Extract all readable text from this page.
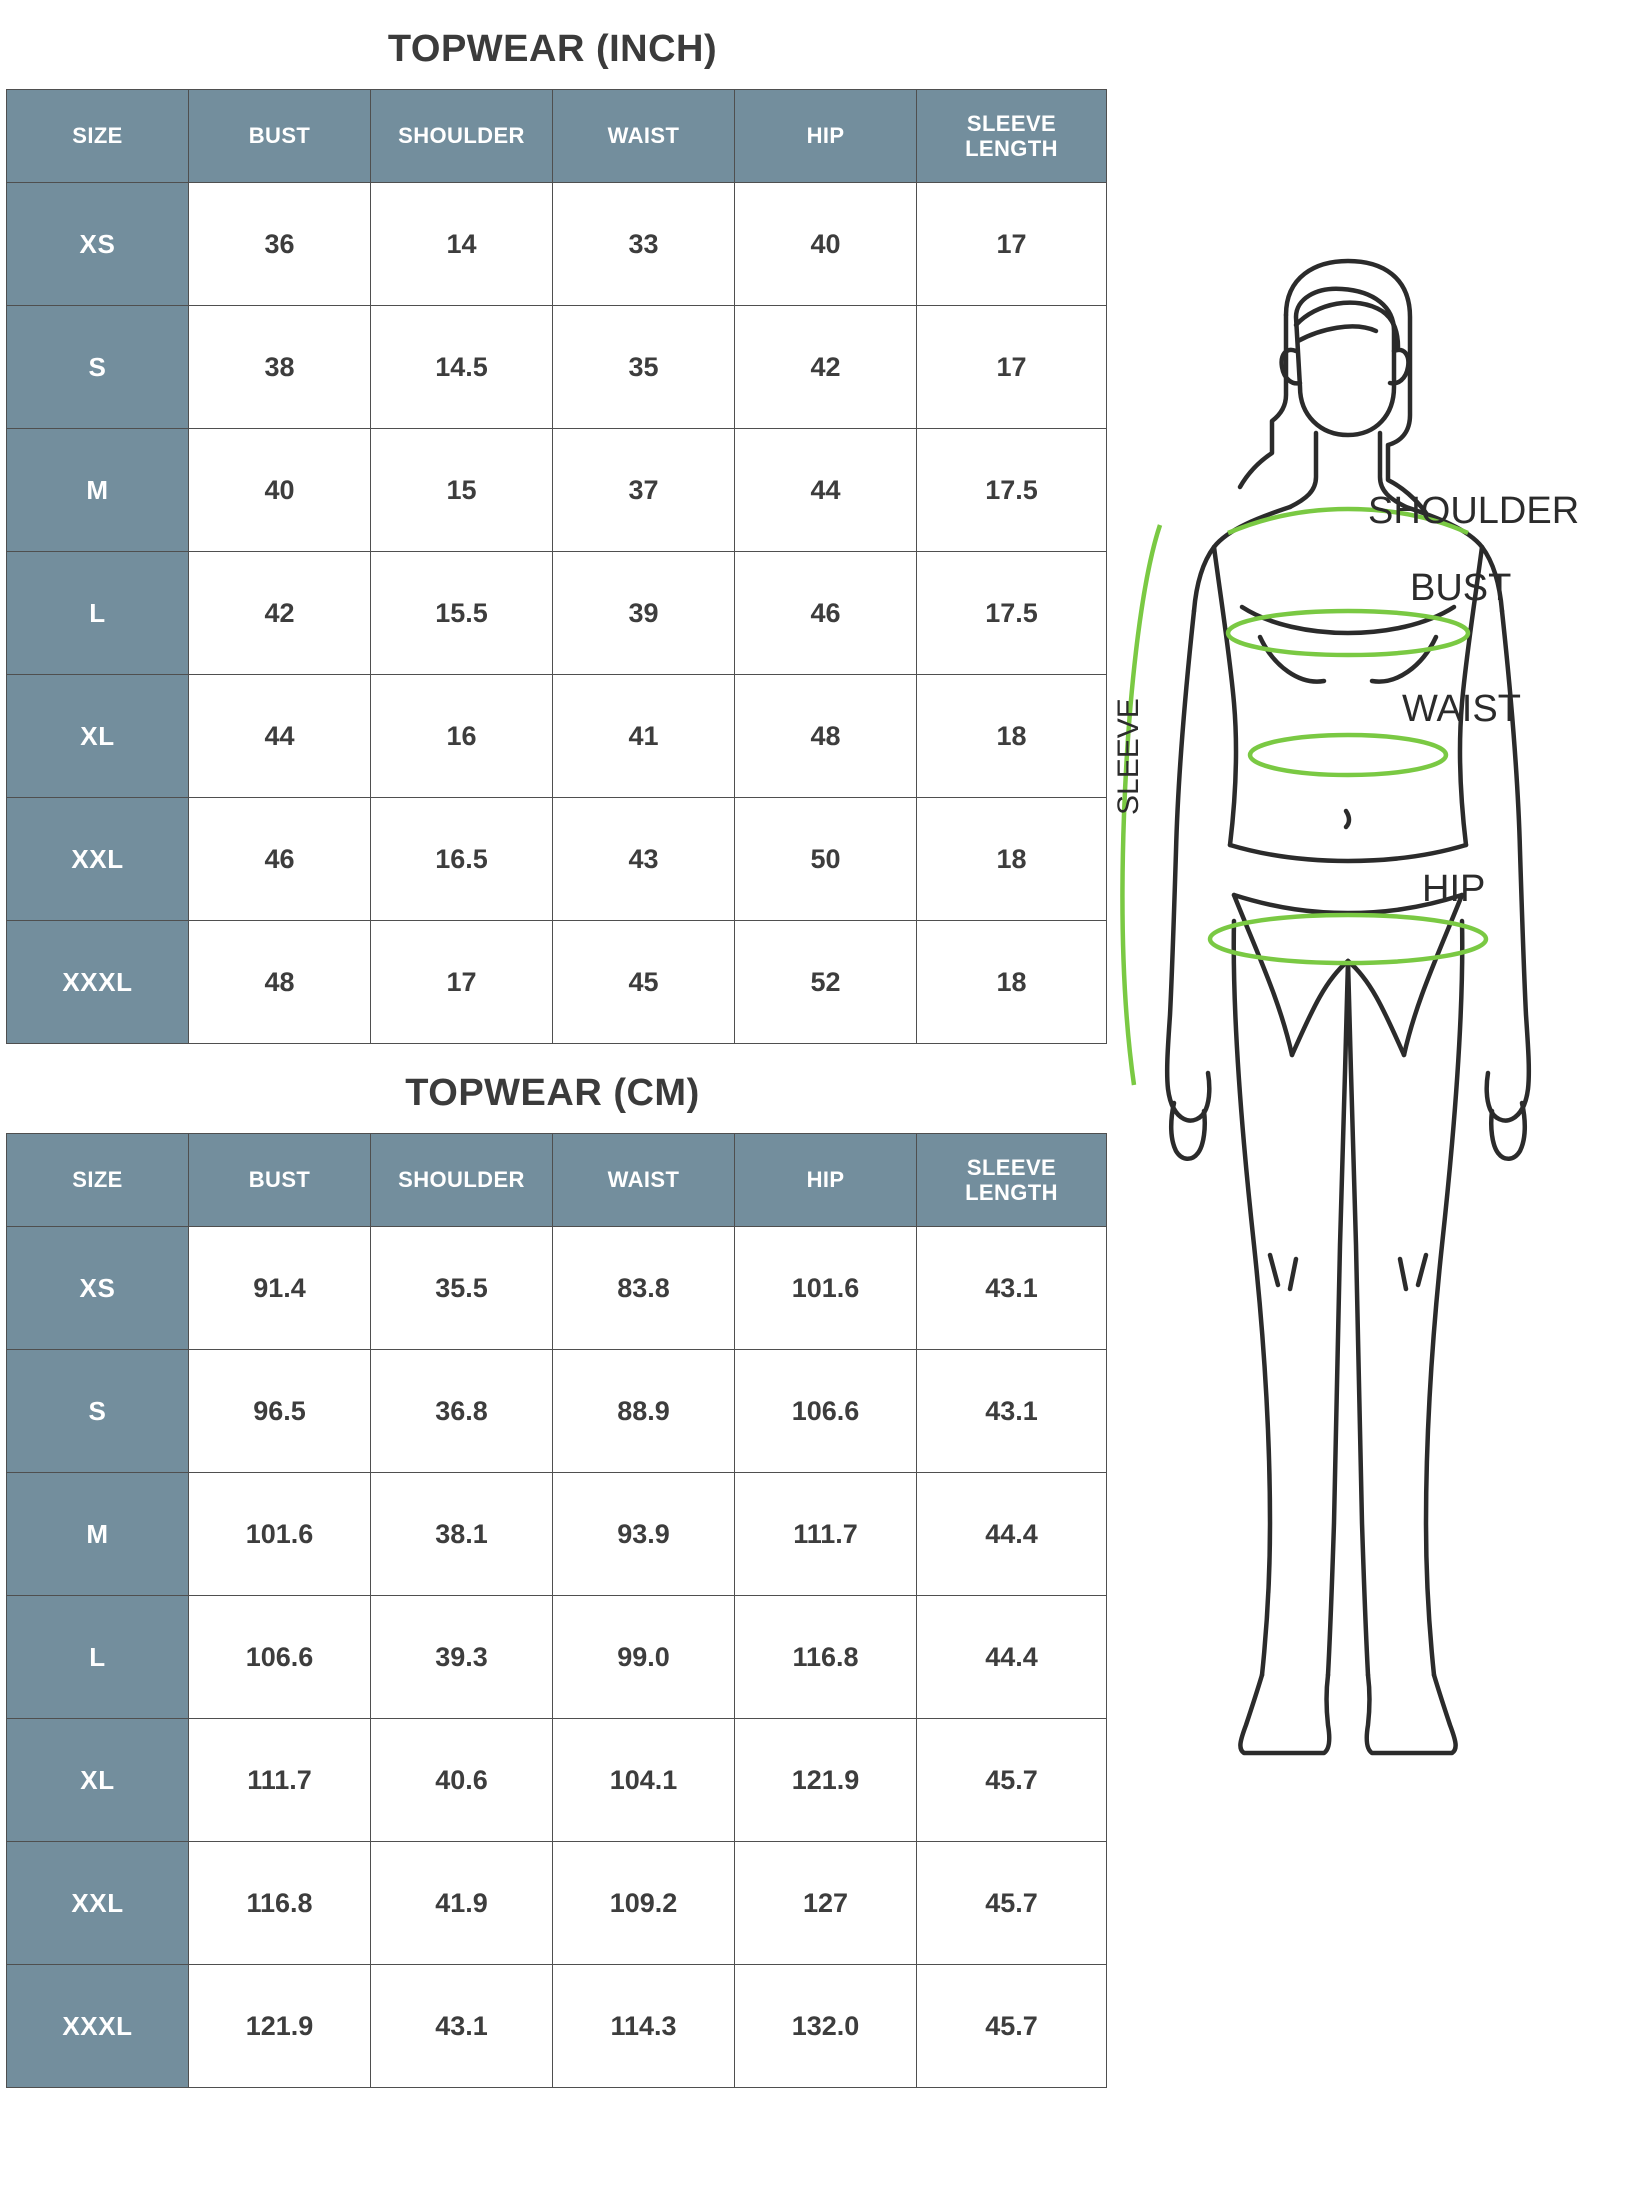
TOPWEAR (INCH)
SIZE	BUST	SHOULDER	WAIST	HIP	SLEEVE LENGTH
XS	36	14	33	40	17
S	38	14.5	35	42	17
M	40	15	37	44	17.5
L	42	15.5	39	46	17.5
XL	44	16	41	48	18
XXL	46	16.5	43	50	18
XXXL	48	17	45	52	18
TOPWEAR (CM)
SIZE	BUST	SHOULDER	WAIST	HIP	SLEEVE LENGTH
XS	91.4	35.5	83.8	101.6	43.1
S	96.5	36.8	88.9	106.6	43.1
M	101.6	38.1	93.9	111.7	44.4
L	106.6	39.3	99.0	116.8	44.4
XL	111.7	40.6	104.1	121.9	45.7
XXL	116.8	41.9	109.2	127	45.7
XXXL	121.9	43.1	114.3	132.0	45.7
SHOULDER
BUST
WAIST
HIP
SLEEVE
